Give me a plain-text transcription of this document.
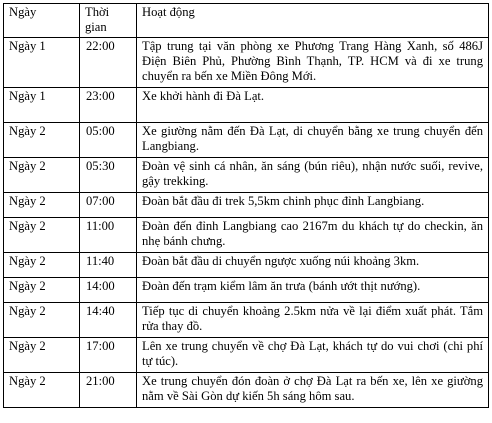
Ngày	Thời gian	Hoạt động
Ngày 1	22:00	Tập trung tại văn phòng xe Phương Trang Hàng Xanh, số 486J Điện Biên Phủ, Phường Bình Thạnh, TP. HCM và đi xe trung chuyển ra bến xe Miền Đông Mới.
Ngày 1	23:00	Xe khởi hành đi Đà Lạt.
Ngày 2	05:00	Xe giường nằm đến Đà Lạt, di chuyển bằng xe trung chuyển đến Langbiang.
Ngày 2	05:30	Đoàn vệ sinh cá nhân, ăn sáng (bún riêu), nhận nước suối, revive, gậy trekking.
Ngày 2	07:00	Đoàn bắt đầu đi trek 5,5km chinh phục đỉnh Langbiang.
Ngày 2	11:00	Đoàn đến đỉnh Langbiang cao 2167m du khách tự do checkin, ăn nhẹ bánh chưng.
Ngày 2	11:40	Đoàn bắt đầu di chuyển ngược xuống núi khoảng 3km.
Ngày 2	14:00	Đoàn đến trạm kiểm lâm ăn trưa (bánh ướt thịt nướng).
Ngày 2	14:40	Tiếp tục di chuyển khoảng 2.5km nửa về lại điểm xuất phát. Tắm rửa thay đồ.
Ngày 2	17:00	Lên xe trung chuyển về chợ Đà Lạt, khách tự do vui chơi (chi phí tự túc).
Ngày 2	21:00	Xe trung chuyển đón đoàn ở chợ Đà Lạt ra bến xe, lên xe giường nằm về Sài Gòn dự kiến 5h sáng hôm sau.
